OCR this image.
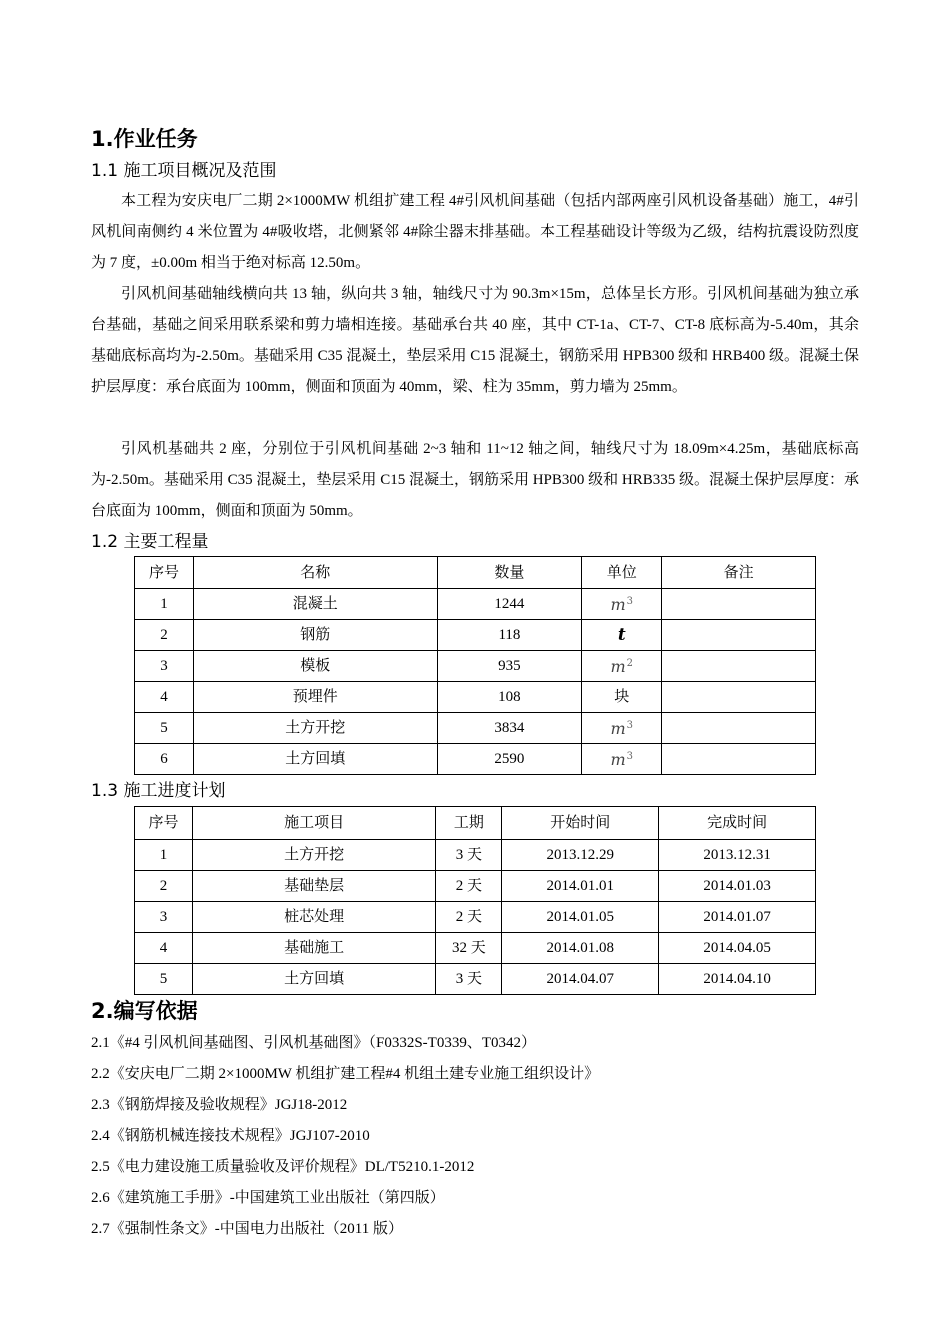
1.作业任务
1.1 施工项目概况及范围
本工程为安庆电厂二期 2×1000MW 机组扩建工程 4#引风机间基础（包括内部两座引风机设备基础）施工，4#引风机间南侧约 4 米位置为 4#吸收塔，北侧紧邻 4#除尘器末排基础。本工程基础设计等级为乙级，结构抗震设防烈度为 7 度，±0.00m 相当于绝对标高 12.50m。
引风机间基础轴线横向共 13 轴，纵向共 3 轴，轴线尺寸为 90.3m×15m，总体呈长方形。引风机间基础为独立承台基础，基础之间采用联系梁和剪力墙相连接。基础承台共 40 座，其中 CT-1a、CT-7、CT-8 底标高为-5.40m，其余基础底标高均为-2.50m。基础采用 C35 混凝土，垫层采用 C15 混凝土，钢筋采用 HPB300 级和 HRB400 级。混凝土保护层厚度：承台底面为 100mm，侧面和顶面为 40mm，梁、柱为 35mm，剪力墙为 25mm。
引风机基础共 2 座，分别位于引风机间基础 2~3 轴和 11~12 轴之间，轴线尺寸为 18.09m×4.25m，基础底标高为-2.50m。基础采用 C35 混凝土，垫层采用 C15 混凝土，钢筋采用 HPB300 级和 HRB335 级。混凝土保护层厚度：承台底面为 100mm，侧面和顶面为 50mm。
1.2 主要工程量
序号	名称	数量	单位	备注
1	混凝土	1244	$m^3$	
2	钢筋	118	t	
3	模板	935	$m^2$	
4	预埋件	108	块	
5	土方开挖	3834	$m^3$	
6	土方回填	2590	$m^3$	
1.3 施工进度计划
序号	施工项目	工期	开始时间	完成时间
1	土方开挖	3 天	2013.12.29	2013.12.31
2	基础垫层	2 天	2014.01.01	2014.01.03
3	桩芯处理	2 天	2014.01.05	2014.01.07
4	基础施工	32 天	2014.01.08	2014.04.05
5	土方回填	3 天	2014.04.07	2014.04.10
2.编写依据
2.1《#4 引风机间基础图、引风机基础图》（F0332S-T0339、T0342）
2.2《安庆电厂二期 2×1000MW 机组扩建工程#4 机组土建专业施工组织设计》
2.3《钢筋焊接及验收规程》JGJ18-2012
2.4《钢筋机械连接技术规程》JGJ107-2010
2.5《电力建设施工质量验收及评价规程》DL/T5210.1-2012
2.6《建筑施工手册》-中国建筑工业出版社（第四版）
2.7《强制性条文》-中国电力出版社（2011 版）
